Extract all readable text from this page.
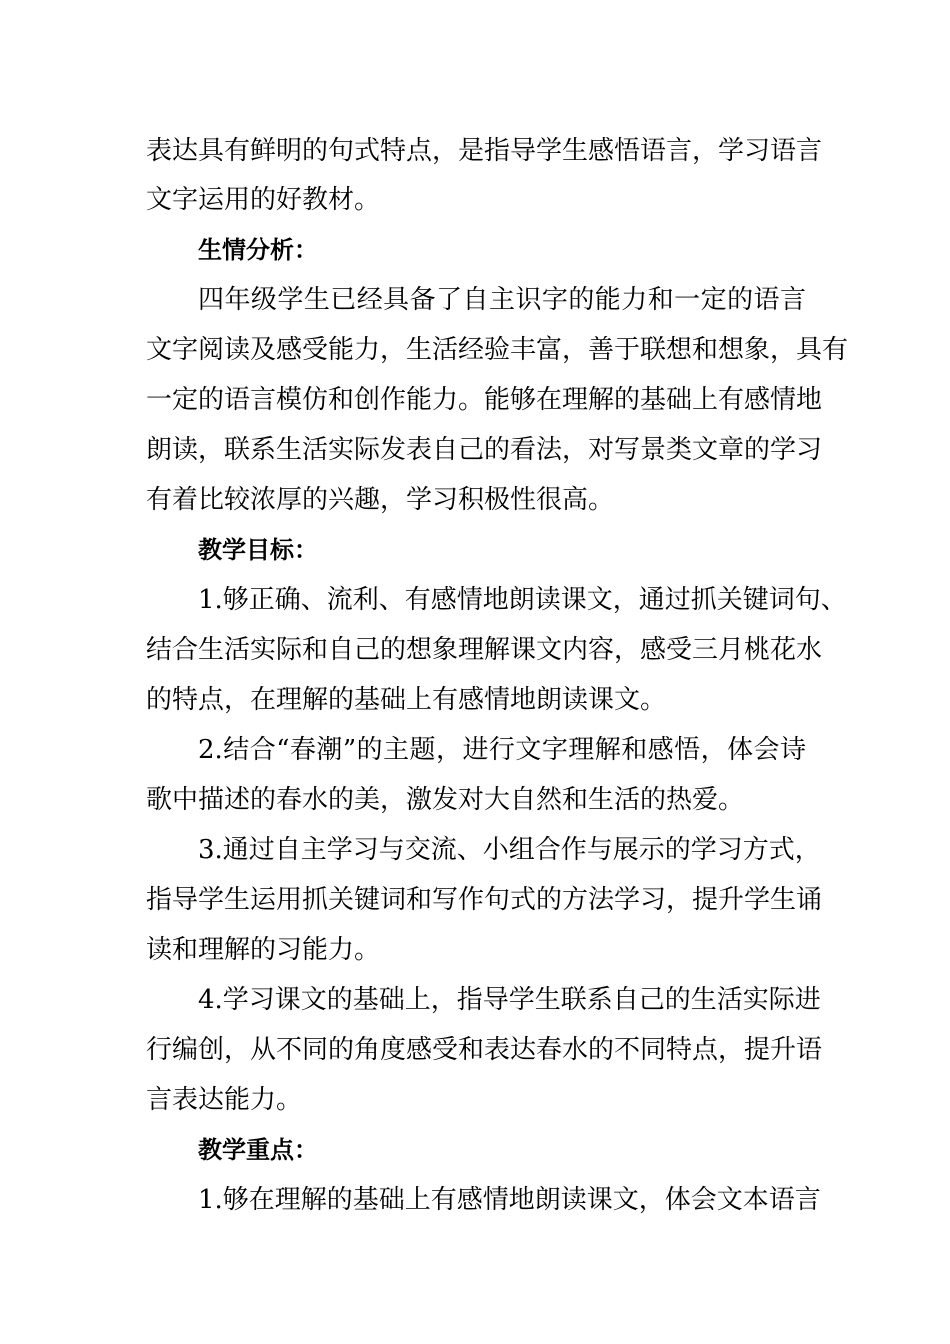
表达具有鲜明的句式特点，是指导学生感悟语言，学习语言
文字运用的好教材。
生情分析：
四年级学生已经具备了自主识字的能力和一定的语言
文字阅读及感受能力，生活经验丰富，善于联想和想象，具有
一定的语言模仿和创作能力。能够在理解的基础上有感情地
朗读，联系生活实际发表自己的看法，对写景类文章的学习
有着比较浓厚的兴趣，学习积极性很高。
教学目标：
1.够正确、流利、有感情地朗读课文，通过抓关键词句、
结合生活实际和自己的想象理解课文内容，感受三月桃花水
的特点，在理解的基础上有感情地朗读课文。
2.结合“春潮”的主题，进行文字理解和感悟，体会诗
歌中描述的春水的美，激发对大自然和生活的热爱。
3.通过自主学习与交流、小组合作与展示的学习方式，
指导学生运用抓关键词和写作句式的方法学习，提升学生诵
读和理解的习能力。
4.学习课文的基础上，指导学生联系自己的生活实际进
行编创，从不同的角度感受和表达春水的不同特点，提升语
言表达能力。
教学重点：
1.够在理解的基础上有感情地朗读课文，体会文本语言
